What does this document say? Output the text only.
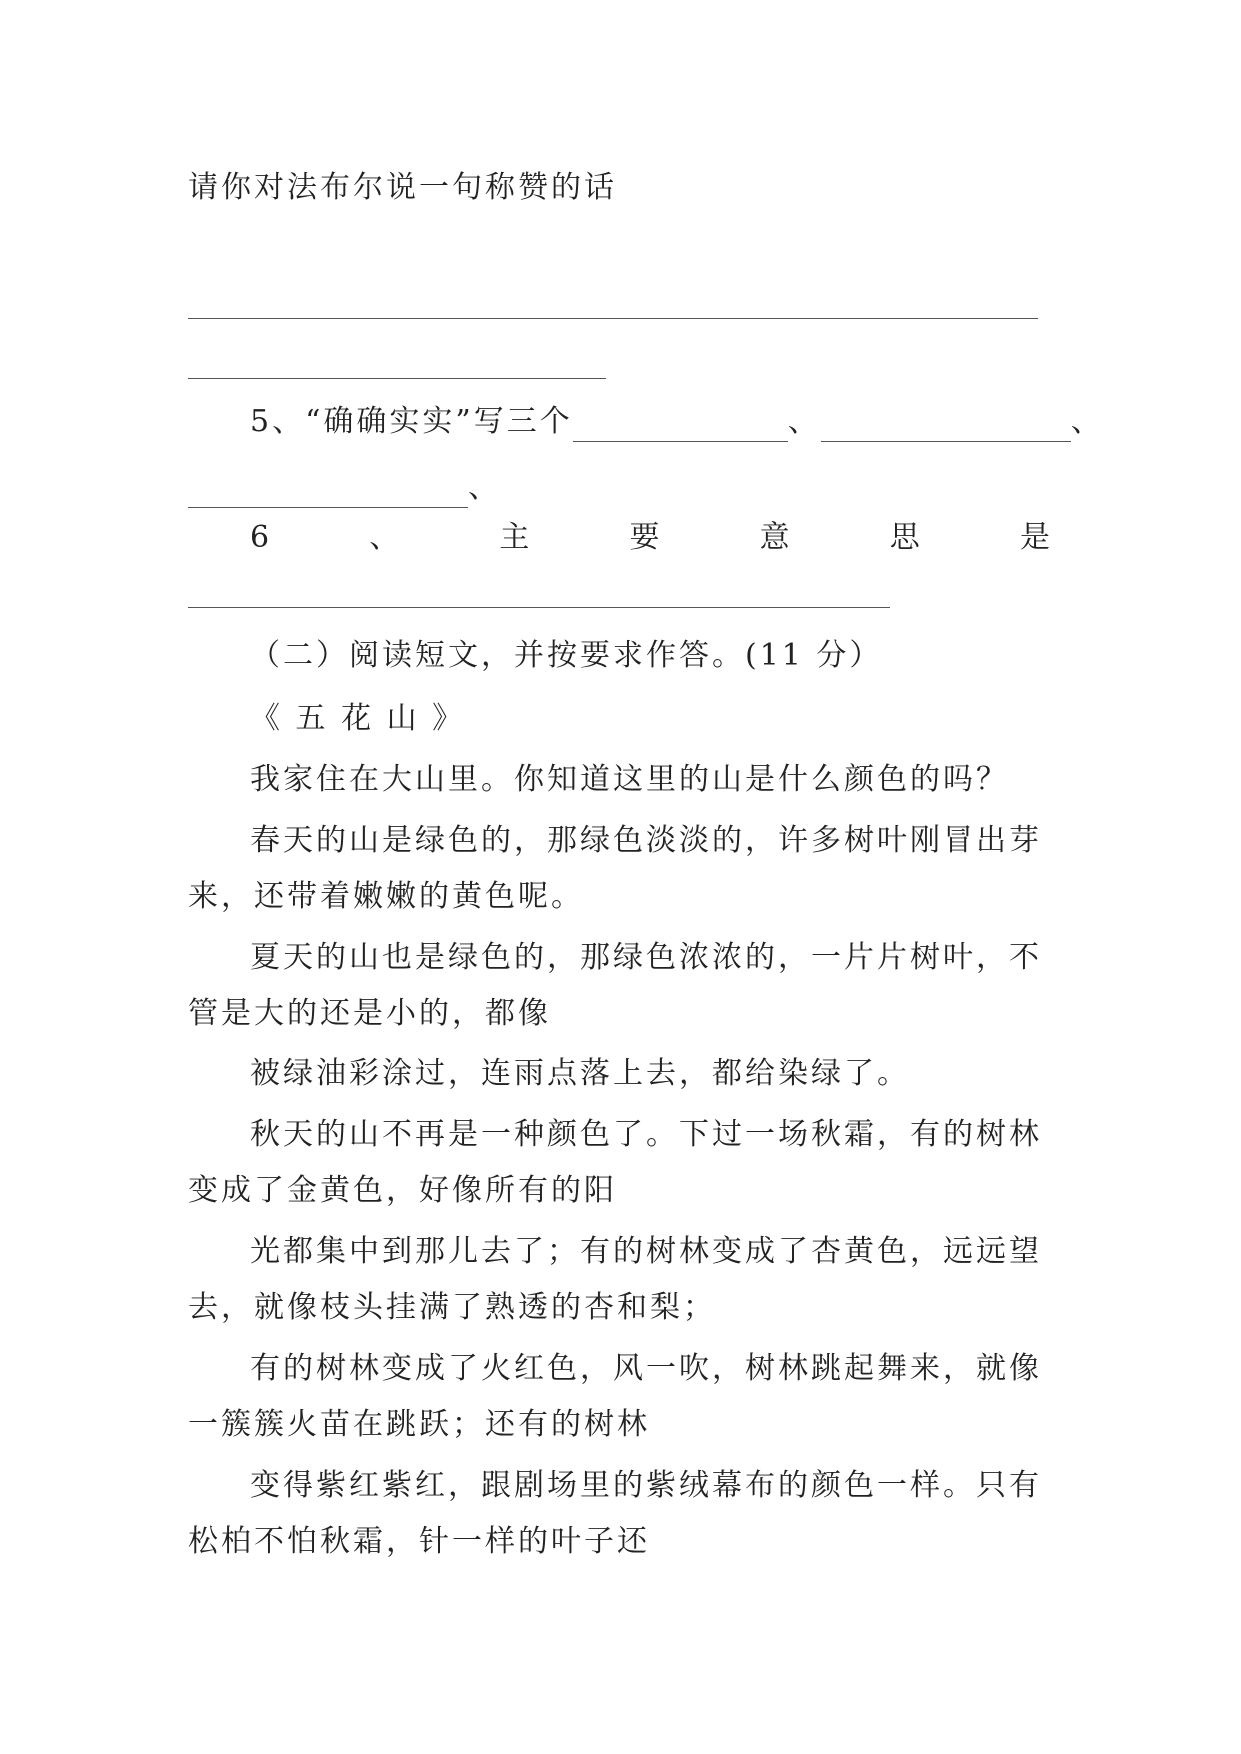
请你对法布尔说一句称赞的话
5、“确确实实”写三个	、	、
、
6	、	主	要	意	思	是
（二）阅读短文，并按要求作答。(11 分）
《 五 花 山 》
我家住在大山里。你知道这里的山是什么颜色的吗？
春天的山是绿色的，那绿色淡淡的，许多树叶刚冒出芽
来，还带着嫩嫩的黄色呢。
夏天的山也是绿色的，那绿色浓浓的，一片片树叶，不
管是大的还是小的，都像
被绿油彩涂过，连雨点落上去，都给染绿了。
秋天的山不再是一种颜色了。下过一场秋霜，有的树林
变成了金黄色，好像所有的阳
光都集中到那儿去了；有的树林变成了杏黄色，远远望
去，就像枝头挂满了熟透的杏和梨；
有的树林变成了火红色，风一吹，树林跳起舞来，就像
一簇簇火苗在跳跃；还有的树林
变得紫红紫红，跟剧场里的紫绒幕布的颜色一样。只有
松柏不怕秋霜，针一样的叶子还
